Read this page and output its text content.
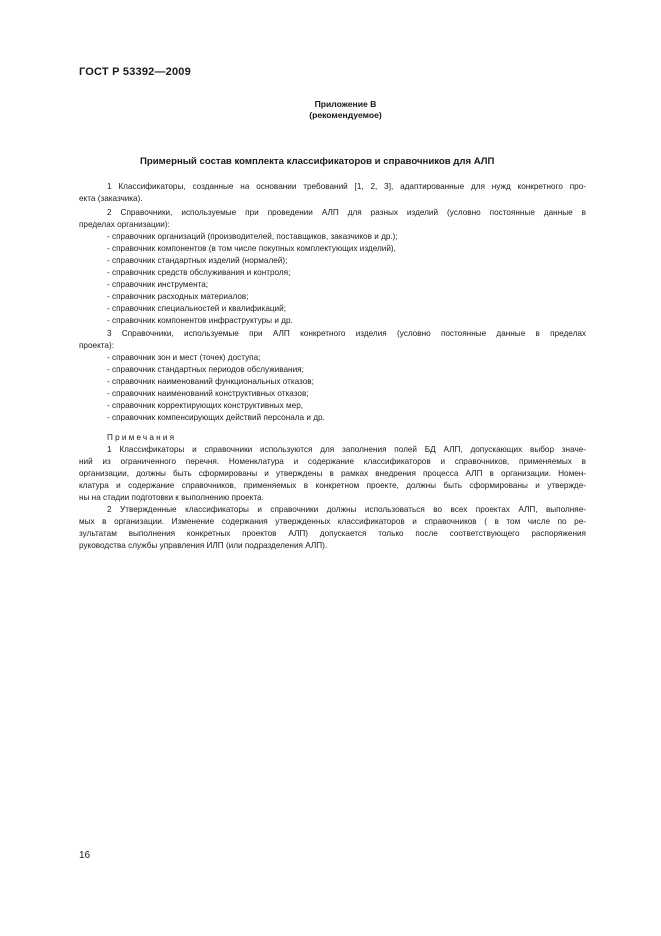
ГОСТ Р 53392—2009
Приложение В
(рекомендуемое)
Примерный состав комплекта классификаторов и справочников для АЛП
1 Классификаторы, созданные на основании требований [1, 2, 3], адаптированные для нужд конкретного про-
екта (заказчика).
2 Справочники, используемые при проведении АЛП для разных изделий (условно постоянные данные в
пределах организации):
- справочник организаций (производителей, поставщиков, заказчиков и др.);
- справочник компонентов (в том числе покупных комплектующих изделий),
- справочник стандартных изделий (нормалей);
- справочник средств обслуживания и контроля;
- справочник инструмента;
- справочник расходных материалов;
- справочник специальностей и квалификаций;
- справочник компонентов инфраструктуры и др.
3 Справочники, используемые при АЛП конкретного изделия (условно постоянные данные в пределах
проекта):
- справочник зон и мест (точек) доступа;
- справочник стандартных периодов обслуживания;
- справочник наименований функциональных отказов;
- справочник наименований конструктивных отказов;
- справочник корректирующих конструктивных мер,
- справочник компенсирующих действий персонала и др.
Примечания
1 Классификаторы и справочники используются для заполнения полей БД АЛП, допускающих выбор значе-
ний из ограниченного перечня. Номенклатура и содержание классификаторов и справочников, применяемых в
организации, должны быть сформированы и утверждены в рамках внедрения процесса АЛП в организации. Номен-
клатура и содержание справочников, применяемых в конкретном проекте, должны быть сформированы и утвержде-
ны на стадии подготовки к выполнению проекта.
2 Утвержденные классификаторы и справочники должны использоваться во всех проектах АЛП, выполняе-
мых в организации. Изменение содержания утвержденных классификаторов и справочников ( в том числе по ре-
зультатам выполнения конкретных проектов АЛП) допускается только после соответствующего распоряжения
руководства службы управления ИЛП (или подразделения АЛП).
16
